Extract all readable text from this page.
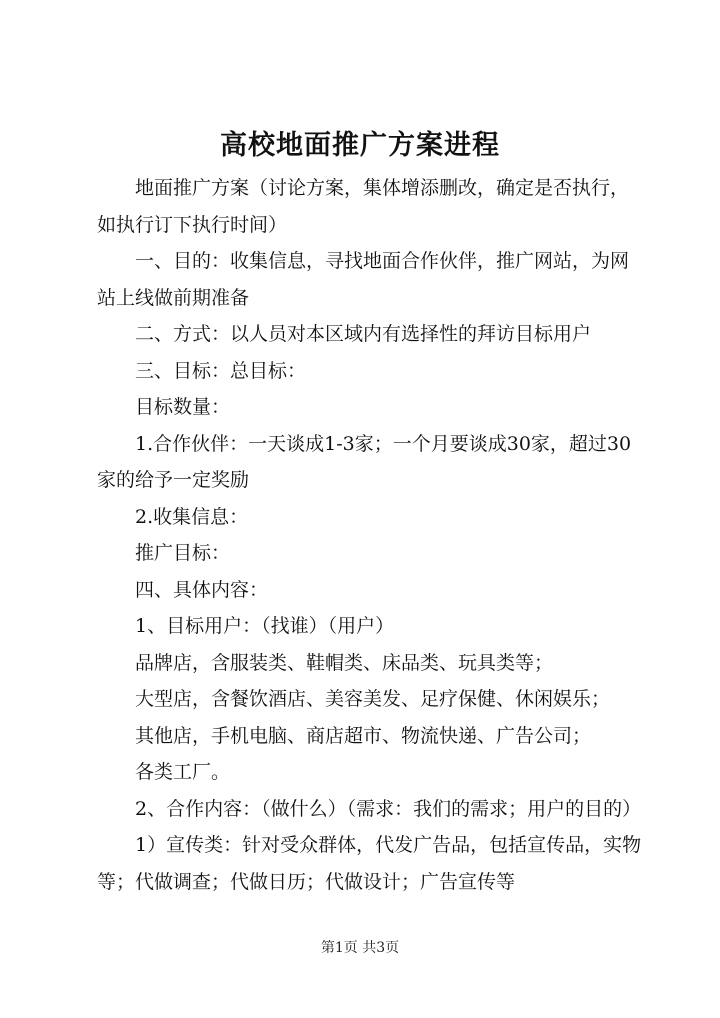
高校地面推广方案进程

地面推广方案（讨论方案，集体增添删改，确定是否执行，如执行订下执行时间）

一、目的：收集信息，寻找地面合作伙伴，推广网站，为网站上线做前期准备

二、方式：以人员对本区域内有选择性的拜访目标用户

三、目标：总目标：

目标数量：

1.合作伙伴：一天谈成1-3家；一个月要谈成30家，超过30家的给予一定奖励

2.收集信息：

推广目标：

四、具体内容：

1、目标用户：（找谁）（用户）

品牌店，含服装类、鞋帽类、床品类、玩具类等；

大型店，含餐饮酒店、美容美发、足疗保健、休闲娱乐；

其他店，手机电脑、商店超市、物流快递、广告公司；

各类工厂。

2、合作内容：（做什么）（需求：我们的需求；用户的目的）

1）宣传类：针对受众群体，代发广告品，包括宣传品，实物等；代做调查；代做日历；代做设计；广告宣传等

第1页 共3页
